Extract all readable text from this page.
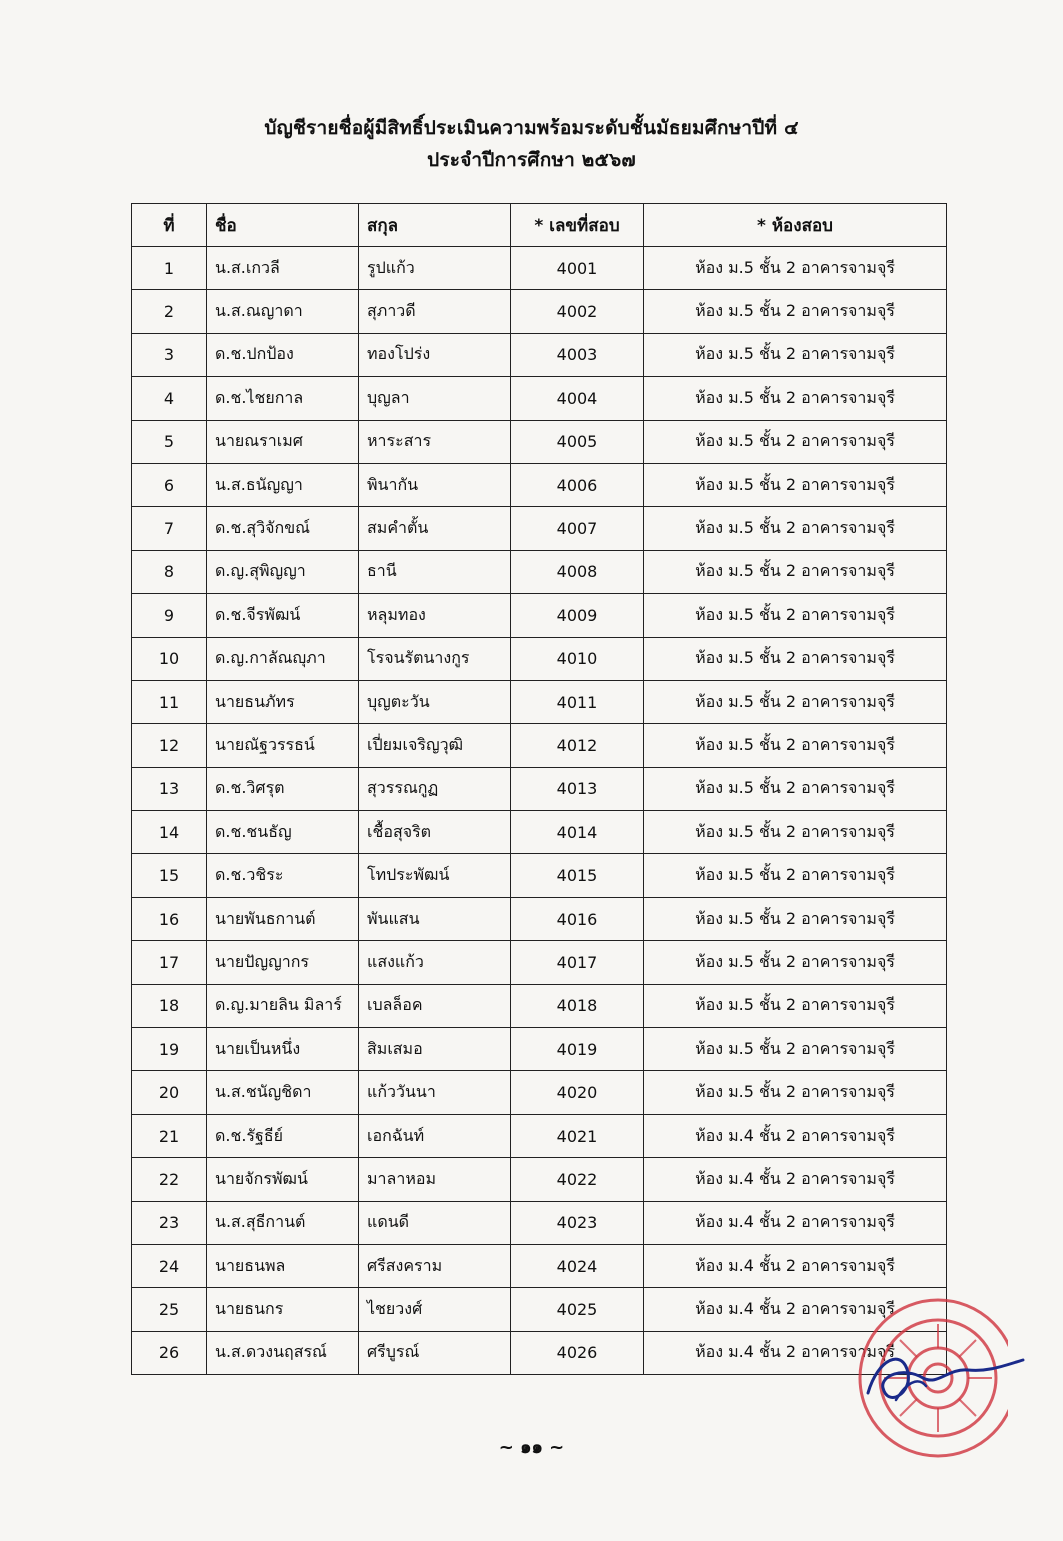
บัญชีรายชื่อผู้มีสิทธิ์ประเมินความพร้อมระดับชั้นมัธยมศึกษาปีที่ ๔
ประจำปีการศึกษา ๒๕๖๗
ที่	ชื่อ	สกุล	* เลขที่สอบ	* ห้องสอบ
1	น.ส.เกวลี	รูปแก้ว	4001	ห้อง ม.5 ชั้น 2 อาคารจามจุรี
2	น.ส.ณญาดา	สุภาวดี	4002	ห้อง ม.5 ชั้น 2 อาคารจามจุรี
3	ด.ช.ปกป้อง	ทองโปร่ง	4003	ห้อง ม.5 ชั้น 2 อาคารจามจุรี
4	ด.ช.ไชยกาล	บุญลา	4004	ห้อง ม.5 ชั้น 2 อาคารจามจุรี
5	นายณราเมศ	หาระสาร	4005	ห้อง ม.5 ชั้น 2 อาคารจามจุรี
6	น.ส.ธนัญญา	พินากัน	4006	ห้อง ม.5 ชั้น 2 อาคารจามจุรี
7	ด.ช.สุวิจักขณ์	สมคำตั้น	4007	ห้อง ม.5 ชั้น 2 อาคารจามจุรี
8	ด.ญ.สุพิญญา	ธานี	4008	ห้อง ม.5 ชั้น 2 อาคารจามจุรี
9	ด.ช.จีรพัฒน์	หลุมทอง	4009	ห้อง ม.5 ชั้น 2 อาคารจามจุรี
10	ด.ญ.กาลัณญุภา	โรจนรัตนางกูร	4010	ห้อง ม.5 ชั้น 2 อาคารจามจุรี
11	นายธนภัทร	บุญตะวัน	4011	ห้อง ม.5 ชั้น 2 อาคารจามจุรี
12	นายณัฐวรรธน์	เปี่ยมเจริญวุฒิ	4012	ห้อง ม.5 ชั้น 2 อาคารจามจุรี
13	ด.ช.วิศรุต	สุวรรณกูฏ	4013	ห้อง ม.5 ชั้น 2 อาคารจามจุรี
14	ด.ช.ชนธัญ	เชื้อสุจริต	4014	ห้อง ม.5 ชั้น 2 อาคารจามจุรี
15	ด.ช.วชิระ	โทประพัฒน์	4015	ห้อง ม.5 ชั้น 2 อาคารจามจุรี
16	นายพันธกานต์	พันแสน	4016	ห้อง ม.5 ชั้น 2 อาคารจามจุรี
17	นายปัญญากร	แสงแก้ว	4017	ห้อง ม.5 ชั้น 2 อาคารจามจุรี
18	ด.ญ.มายลิน มิลาร์	เบลล็อค	4018	ห้อง ม.5 ชั้น 2 อาคารจามจุรี
19	นายเป็นหนึ่ง	สิมเสมอ	4019	ห้อง ม.5 ชั้น 2 อาคารจามจุรี
20	น.ส.ชนัญชิดา	แก้ววันนา	4020	ห้อง ม.5 ชั้น 2 อาคารจามจุรี
21	ด.ช.รัฐธีย์	เอกฉันท์	4021	ห้อง ม.4 ชั้น 2 อาคารจามจุรี
22	นายจักรพัฒน์	มาลาหอม	4022	ห้อง ม.4 ชั้น 2 อาคารจามจุรี
23	น.ส.สุธีกานต์	แดนดี	4023	ห้อง ม.4 ชั้น 2 อาคารจามจุรี
24	นายธนพล	ศรีสงคราม	4024	ห้อง ม.4 ชั้น 2 อาคารจามจุรี
25	นายธนกร	ไชยวงศ์	4025	ห้อง ม.4 ชั้น 2 อาคารจามจุรี
26	น.ส.ดวงนฤสรณ์	ศรีบูรณ์	4026	ห้อง ม.4 ชั้น 2 อาคารจามจุรี
~ ๑๑ ~
